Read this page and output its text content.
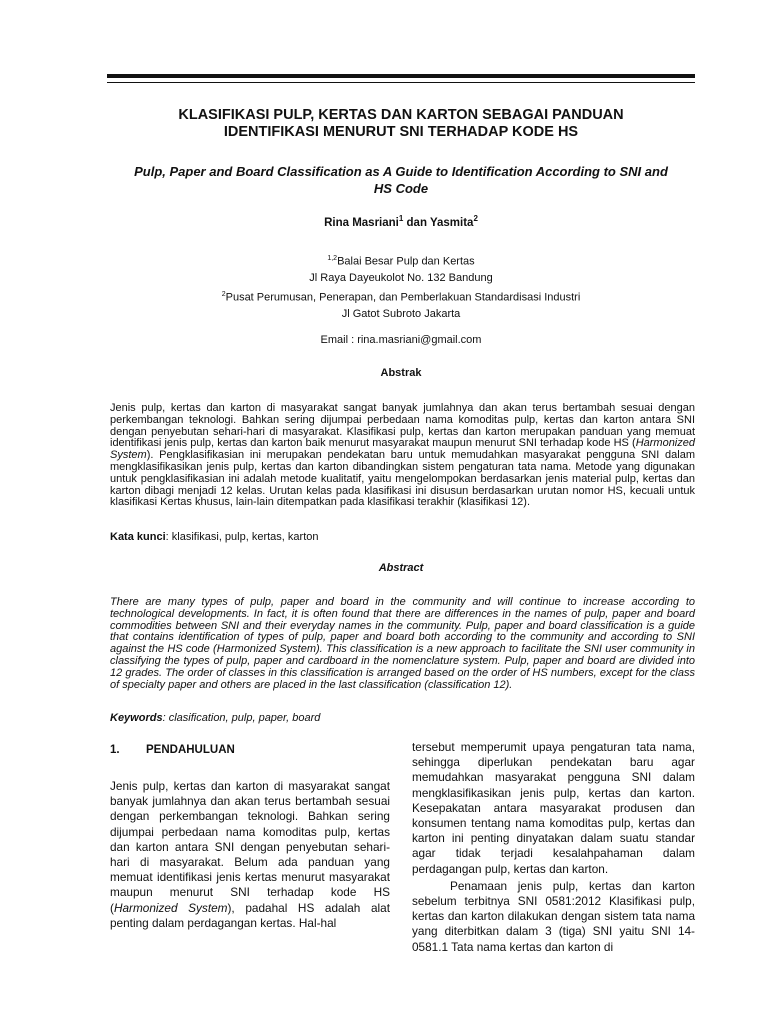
KLASIFIKASI PULP, KERTAS DAN KARTON SEBAGAI PANDUAN
IDENTIFIKASI MENURUT SNI TERHADAP KODE HS
Pulp, Paper and Board Classification as A Guide to Identification According to SNI and
HS Code
Rina Masriani$^1$ dan Yasmita$^2$
$^{1,2}$Balai Besar Pulp dan Kertas
Jl Raya Dayeukolot No. 132 Bandung
$^2$Pusat Perumusan, Penerapan, dan Pemberlakuan Standardisasi Industri
Jl Gatot Subroto Jakarta
Email : rina.masriani@gmail.com
Abstrak
Jenis pulp, kertas dan karton di masyarakat sangat banyak jumlahnya dan akan terus bertambah sesuai dengan perkembangan teknologi. Bahkan sering dijumpai perbedaan nama komoditas pulp, kertas dan karton antara SNI dengan penyebutan sehari-hari di masyarakat. Klasifikasi pulp, kertas dan karton merupakan panduan yang memuat identifikasi jenis pulp, kertas dan karton baik menurut masyarakat maupun menurut SNI terhadap kode HS (Harmonized System). Pengklasifikasian ini merupakan pendekatan baru untuk memudahkan masyarakat pengguna SNI dalam mengklasifikasikan jenis pulp, kertas dan karton dibandingkan sistem pengaturan tata nama. Metode yang digunakan untuk pengklasifikasian ini adalah metode kualitatif, yaitu mengelompokan berdasarkan jenis material pulp, kertas dan karton dibagi menjadi 12 kelas. Urutan kelas pada klasifikasi ini disusun berdasarkan urutan nomor HS, kecuali untuk klasifikasi Kertas khusus, lain-lain ditempatkan pada klasifikasi terakhir (klasifikasi 12).
Kata kunci: klasifikasi, pulp, kertas, karton
Abstract
There are many types of pulp, paper and board in the community and will continue to increase according to technological developments. In fact, it is often found that there are differences in the names of pulp, paper and board commodities between SNI and their everyday names in the community. Pulp, paper and board classification is a guide that contains identification of types of pulp, paper and board both according to the community and according to SNI against the HS code (Harmonized System). This classification is a new approach to facilitate the SNI user community in classifying the types of pulp, paper and cardboard in the nomenclature system. Pulp, paper and board are divided into 12 grades. The order of classes in this classification is arranged based on the order of HS numbers, except for the class of specialty paper and others are placed in the last classification (classification 12).
Keywords: clasification, pulp, paper, board
1. PENDAHULUAN

Jenis pulp, kertas dan karton di masyarakat sangat banyak jumlahnya dan akan terus bertambah sesuai dengan perkembangan teknologi. Bahkan sering dijumpai perbedaan nama komoditas pulp, kertas dan karton antara SNI dengan penyebutan sehari-hari di masyarakat. Belum ada panduan yang memuat identifikasi jenis kertas menurut masyarakat maupun menurut SNI terhadap kode HS (Harmonized System), padahal HS adalah alat penting dalam perdagangan kertas. Hal-hal

tersebut memperumit upaya pengaturan tata nama, sehingga diperlukan pendekatan baru agar memudahkan masyarakat pengguna SNI dalam mengklasifikasikan jenis pulp, kertas dan karton. Kesepakatan antara masyarakat produsen dan konsumen tentang nama komoditas pulp, kertas dan karton ini penting dinyatakan dalam suatu standar agar tidak terjadi kesalahpahaman dalam perdagangan pulp, kertas dan karton.

Penamaan jenis pulp, kertas dan karton sebelum terbitnya SNI 0581:2012 Klasifikasi pulp, kertas dan karton dilakukan dengan sistem tata nama yang diterbitkan dalam 3 (tiga) SNI yaitu SNI 14-0581.1 Tata nama kertas dan karton di
